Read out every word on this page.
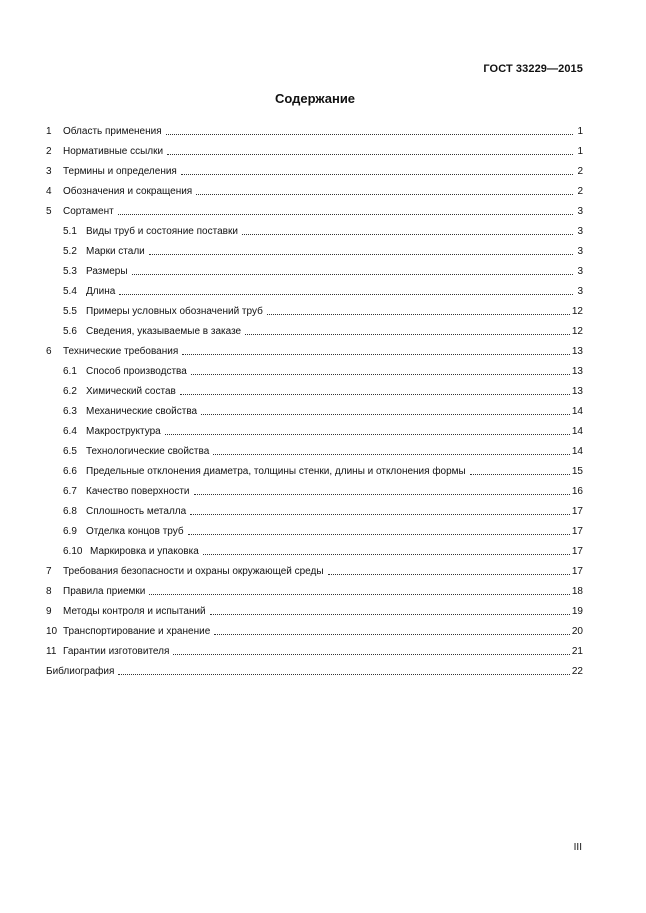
ГОСТ 33229—2015
Содержание
1	Область применения	1
2	Нормативные ссылки	1
3	Термины и определения	2
4	Обозначения и сокращения	2
5	Сортамент	3
5.1 Виды труб и состояние поставки	3
5.2 Марки стали	3
5.3 Размеры	3
5.4 Длина	3
5.5 Примеры условных обозначений труб	12
5.6 Сведения, указываемые в заказе	12
6	Технические требования	13
6.1 Способ производства	13
6.2 Химический состав	13
6.3 Механические свойства	14
6.4 Макроструктура	14
6.5 Технологические свойства	14
6.6 Предельные отклонения диаметра, толщины стенки, длины и отклонения формы	15
6.7 Качество поверхности	16
6.8 Сплошность металла	17
6.9 Отделка концов труб	17
6.10 Маркировка и упаковка	17
7	Требования безопасности и охраны окружающей среды	17
8	Правила приемки	18
9	Методы контроля и испытаний	19
10 Транспортирование и хранение	20
11 Гарантии изготовителя	21
Библиография	22
III
